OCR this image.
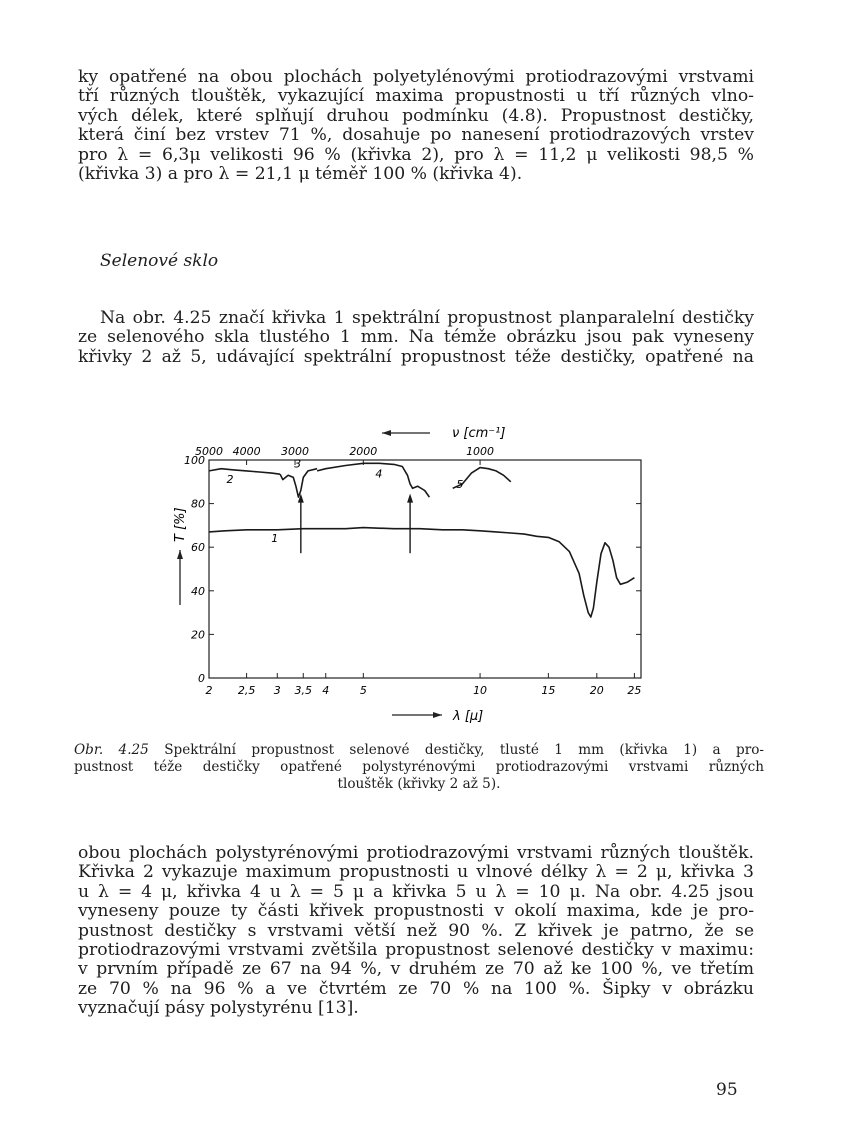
ky opatřené na obou plochách polyetylénovými protiodrazovými vrstvami
tří různých tlouštěk, vykazující maxima propustnosti u tří různých vlno-
vých délek, které splňují druhou podmínku (4.8). Propustnost destičky,
která činí bez vrstev 71 %, dosahuje po nanesení protiodrazových vrstev
pro λ = 6,3μ velikosti 96 % (křivka 2), pro λ = 11,2 μ velikosti 98,5 %
(křivka 3) a pro λ = 21,1 μ téměř 100 % (křivka 4).

Selenové sklo

Na obr. 4.25 značí křivka 1 spektrální propustnost planparalelní destičky
ze selenového skla tlustého 1 mm. Na témže obrázku jsou pak vyneseny
křivky 2 až 5, udávající spektrální propustnost téže destičky, opatřené na
0
20
40
60
80
100
2 2,5 3 3,5 4	5	10	15	20 25
5000 4000 3000	2000	1000
1
2
3
4
5
ν [cm⁻¹]
λ [μ]
T [%]
Obr. 4.25 Spektrální propustnost selenové destičky, tlusté 1 mm (křivka 1) a pro-
pustnost téže destičky opatřené polystyrénovými protiodrazovými vrstvami různých
tlouštěk (křivky 2 až 5).
obou plochách polystyrénovými protiodrazovými vrstvami různých tlouštěk.
Křivka 2 vykazuje maximum propustnosti u vlnové délky λ = 2 μ, křivka 3
u λ = 4 μ, křivka 4 u λ = 5 μ a křivka 5 u λ = 10 μ. Na obr. 4.25 jsou
vyneseny pouze ty části křivek propustnosti v okolí maxima, kde je pro-
pustnost destičky s vrstvami větší než 90 %. Z křivek je patrno, že se
protiodrazovými vrstvami zvětšila propustnost selenové destičky v maximu:
v prvním případě ze 67 na 94 %, v druhém ze 70 až ke 100 %, ve třetím
ze 70 % na 96 % a ve čtvrtém ze 70 % na 100 %. Šipky v obrázku
vyznačují pásy polystyrénu [13].
95
